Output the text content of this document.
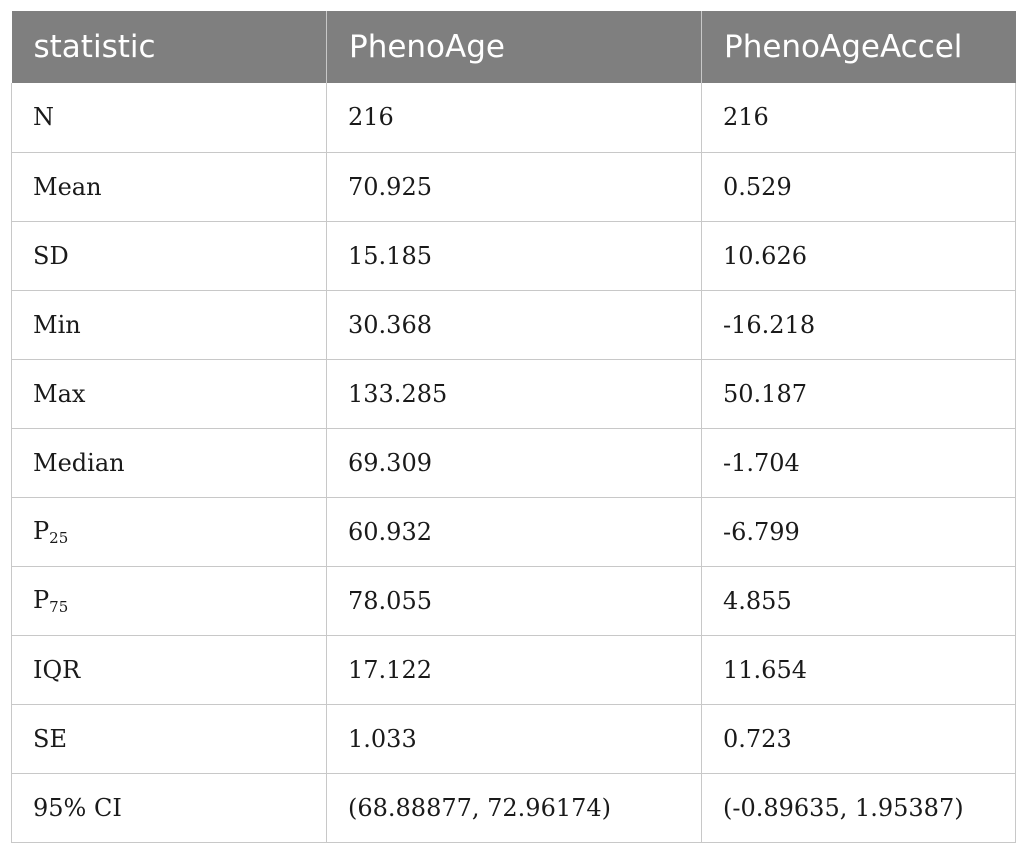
statistic	PhenoAge	PhenoAgeAccel
N	216	216
Mean	70.925	0.529
SD	15.185	10.626
Min	30.368	-16.218
Max	133.285	50.187
Median	69.309	-1.704
$P_{25}$	60.932	-6.799
$P_{75}$	78.055	4.855
IQR	17.122	11.654
SE	1.033	0.723
95% CI	(68.88877, 72.96174)	(-0.89635, 1.95387)
